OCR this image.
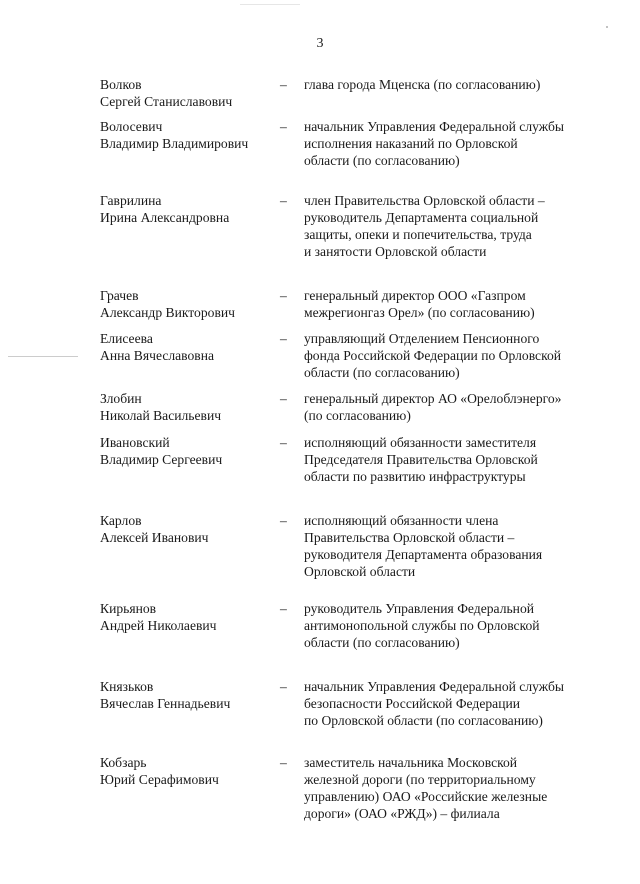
3
Волков
Сергей Станиславович
– глава города Мценска (по согласованию)
Волосевич
Владимир Владимирович
– начальник Управления Федеральной службы
исполнения наказаний по Орловской
области (по согласованию)
Гаврилина
Ирина Александровна
– член Правительства Орловской области –
руководитель Департамента социальной
защиты, опеки и попечительства, труда
и занятости Орловской области
Грачев
Александр Викторович
– генеральный директор ООО «Газпром
межрегионгаз Орел» (по согласованию)
Елисеева
Анна Вячеславовна
– управляющий Отделением Пенсионного
фонда Российской Федерации по Орловской
области (по согласованию)
Злобин
Николай Васильевич
– генеральный директор АО «Орелоблэнерго»
(по согласованию)
Ивановский
Владимир Сергеевич
– исполняющий обязанности заместителя
Председателя Правительства Орловской
области по развитию инфраструктуры
Карлов
Алексей Иванович
– исполняющий обязанности члена
Правительства Орловской области –
руководителя Департамента образования
Орловской области
Кирьянов
Андрей Николаевич
– руководитель Управления Федеральной
антимонопольной службы по Орловской
области (по согласованию)
Князьков
Вячеслав Геннадьевич
– начальник Управления Федеральной службы
безопасности Российской Федерации
по Орловской области (по согласованию)
Кобзарь
Юрий Серафимович
– заместитель начальника Московской
железной дороги (по территориальному
управлению) ОАО «Российские железные
дороги» (ОАО «РЖД») – филиала
